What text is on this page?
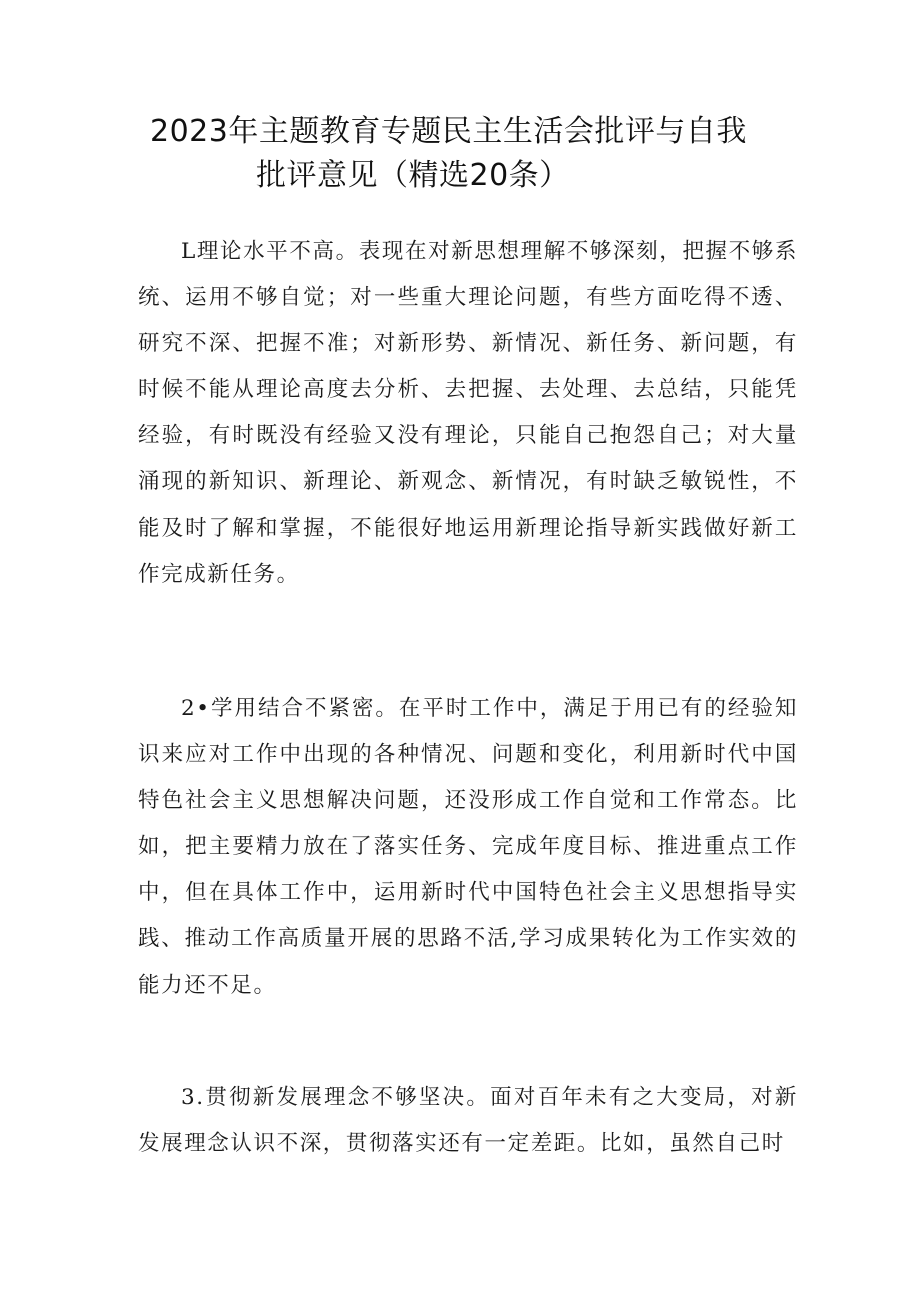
2023年主题教育专题民主生活会批评与自我
批评意见（精选20条）

L理论水平不高。表现在对新思想理解不够深刻，把握不够系统、运用不够自觉；对一些重大理论问题，有些方面吃得不透、研究不深、把握不准；对新形势、新情况、新任务、新问题，有时候不能从理论高度去分析、去把握、去处理、去总结，只能凭经验，有时既没有经验又没有理论，只能自己抱怨自己；对大量涌现的新知识、新理论、新观念、新情况，有时缺乏敏锐性，不能及时了解和掌握，不能很好地运用新理论指导新实践做好新工作完成新任务。

2•学用结合不紧密。在平时工作中，满足于用已有的经验知识来应对工作中出现的各种情况、问题和变化，利用新时代中国特色社会主义思想解决问题，还没形成工作自觉和工作常态。比如，把主要精力放在了落实任务、完成年度目标、推进重点工作中，但在具体工作中，运用新时代中国特色社会主义思想指导实践、推动工作高质量开展的思路不活,学习成果转化为工作实效的能力还不足。

3.贯彻新发展理念不够坚决。面对百年未有之大变局，对新发展理念认识不深，贯彻落实还有一定差距。比如，虽然自己时
